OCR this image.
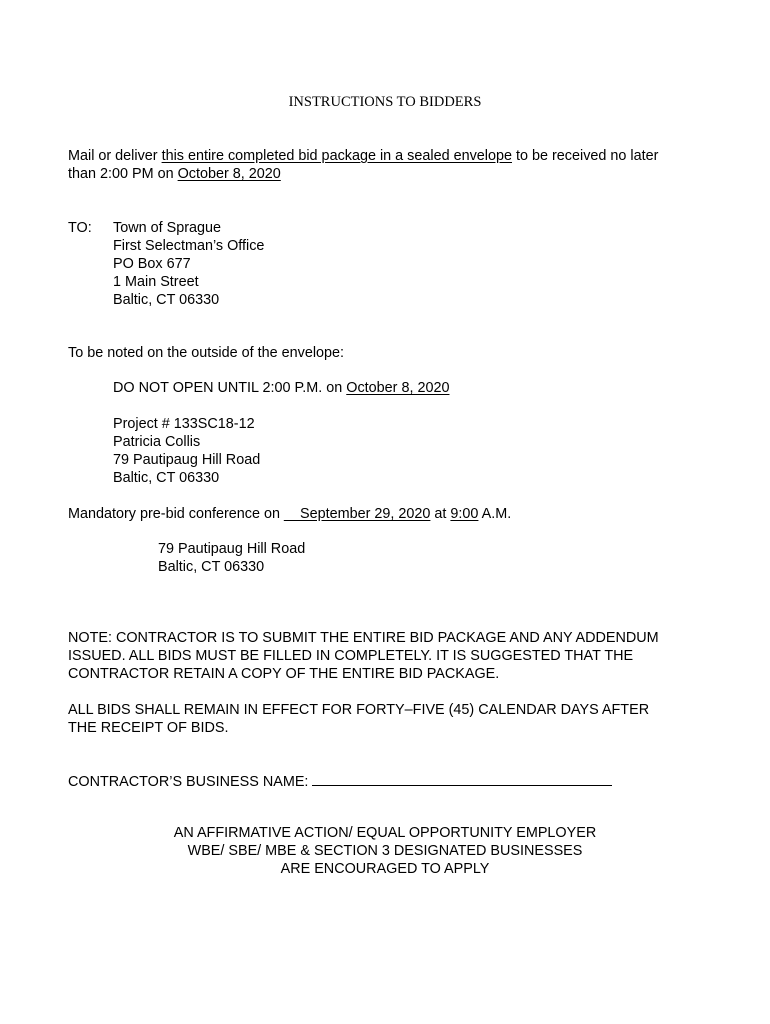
INSTRUCTIONS TO BIDDERS
Mail or deliver this entire completed bid package in a sealed envelope to be received no later
than 2:00 PM on October 8, 2020
TO: Town of Sprague
First Selectman’s Office
PO Box 677
1 Main Street
Baltic, CT 06330
To be noted on the outside of the envelope:
DO NOT OPEN UNTIL 2:00 P.M. on October 8, 2020
Project # 133SC18-12
Patricia Collis
79 Pautipaug Hill Road
Baltic, CT 06330
Mandatory pre-bid conference on __September 29, 2020 at 9:00 A.M.
79 Pautipaug Hill Road
Baltic, CT 06330
NOTE: CONTRACTOR IS TO SUBMIT THE ENTIRE BID PACKAGE AND ANY ADDENDUM
ISSUED. ALL BIDS MUST BE FILLED IN COMPLETELY. IT IS SUGGESTED THAT THE
CONTRACTOR RETAIN A COPY OF THE ENTIRE BID PACKAGE.
ALL BIDS SHALL REMAIN IN EFFECT FOR FORTY–FIVE (45) CALENDAR DAYS AFTER
THE RECEIPT OF BIDS.
CONTRACTOR’S BUSINESS NAME:
AN AFFIRMATIVE ACTION/ EQUAL OPPORTUNITY EMPLOYER
WBE/ SBE/ MBE & SECTION 3 DESIGNATED BUSINESSES
ARE ENCOURAGED TO APPLY
